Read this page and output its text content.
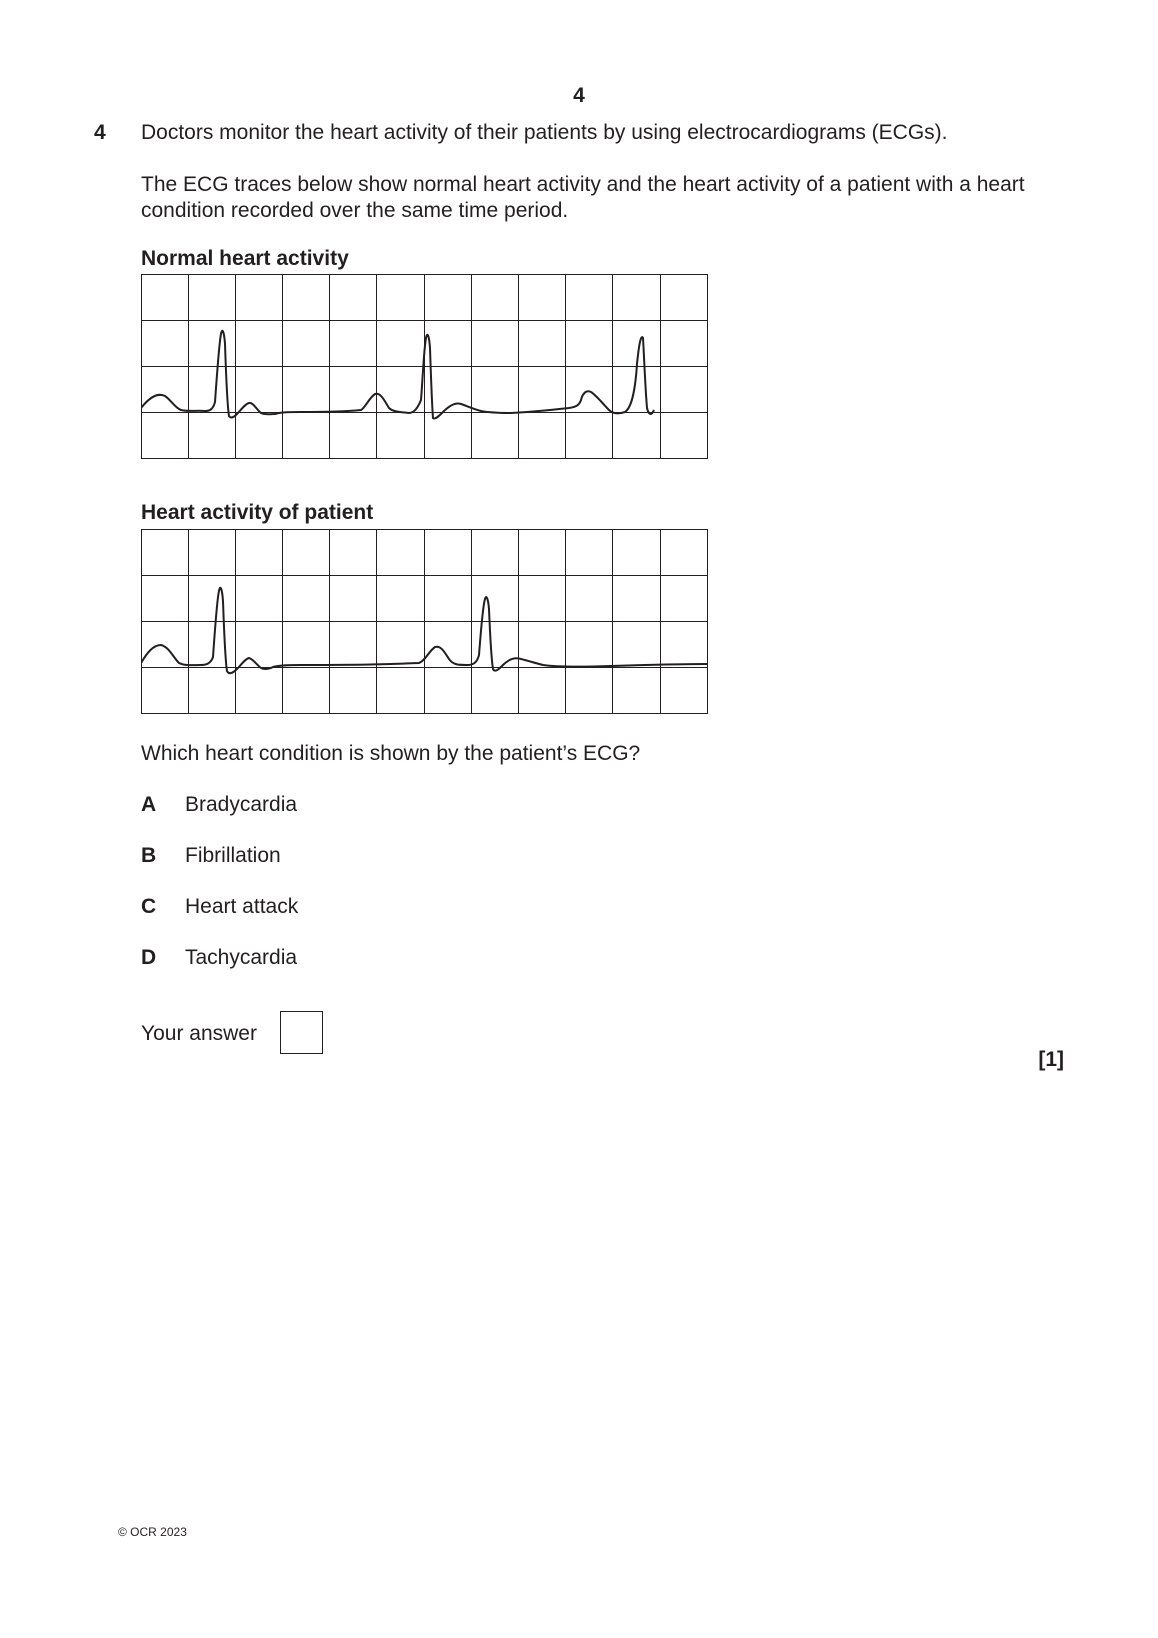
4
4 Doctors monitor the heart activity of their patients by using electrocardiograms (ECGs).
The ECG traces below show normal heart activity and the heart activity of a patient with a heart condition recorded over the same time period.
Normal heart activity
Heart activity of patient
Which heart condition is shown by the patient’s ECG?
A Bradycardia
B Fibrillation
C Heart attack
D Tachycardia
Your answer
[1]
© OCR 2023
